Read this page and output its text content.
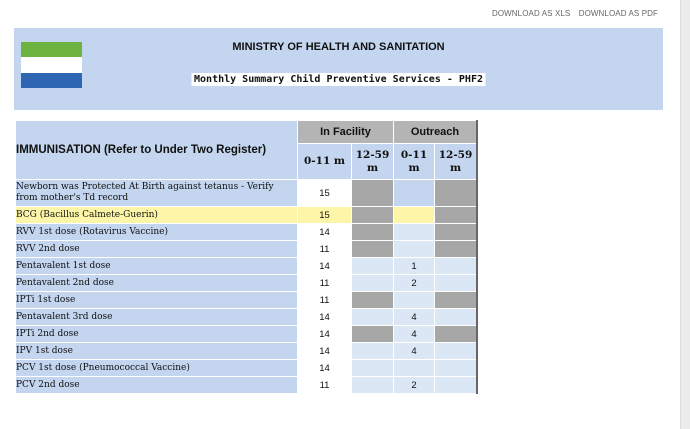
DOWNLOAD AS XLS DOWNLOAD AS PDF
MINISTRY OF HEALTH AND SANITATION
Monthly Summary Child Preventive Services - PHF2
IMMUNISATION (Refer to Under Two Register)	In Facility		Outreach	
	0-11 m	12-59 m	0-11 m	12-59 m
Newborn was Protected At Birth against tetanus - Verify from mother's Td record	15			
BCG (Bacillus Calmete-Guerin)	15			
RVV 1st dose (Rotavirus Vaccine)	14			
RVV 2nd dose	11			
Pentavalent 1st dose	14		1	
Pentavalent 2nd dose	11		2	
IPTi 1st dose	11			
Pentavalent 3rd dose	14		4	
IPTi 2nd dose	14		4	
IPV 1st dose	14		4	
PCV 1st dose (Pneumococcal Vaccine)	14			
PCV 2nd dose	11		2	
